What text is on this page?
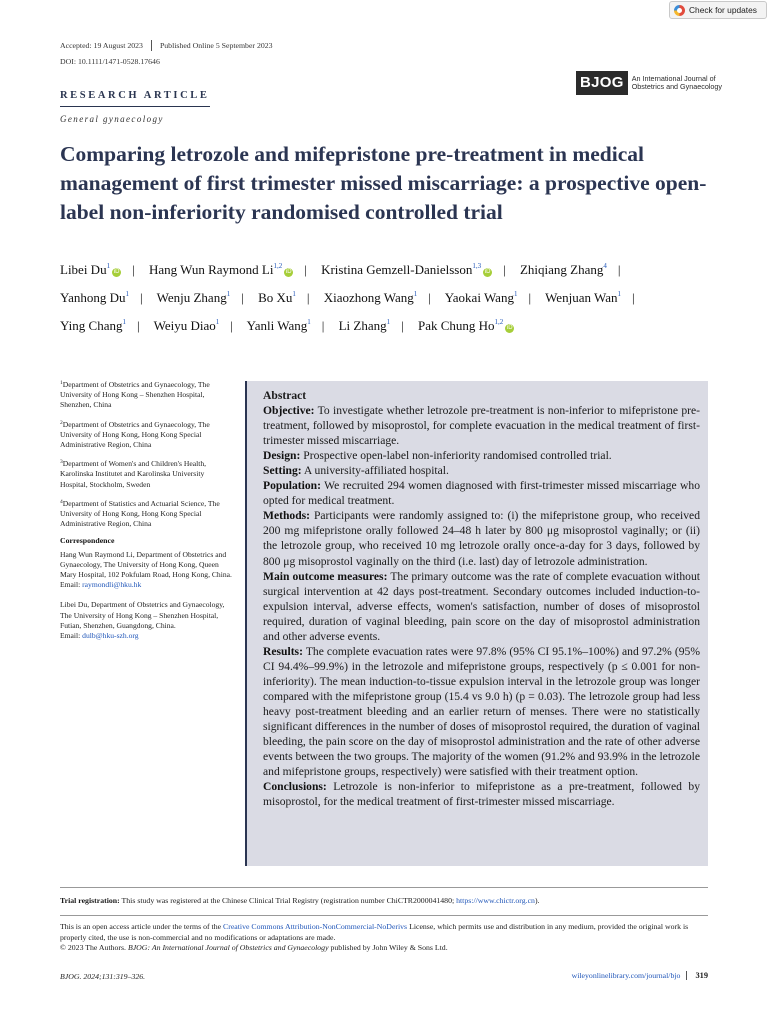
Check for updates
Accepted: 19 August 2023 Published Online 5 September 2023
DOI: 10.1111/1471-0528.17646
BJOG	An International Journal of
Obstetrics and Gynaecology
RESEARCH ARTICLE
General gynaecology
Comparing letrozole and mifepristone pre-treatment in medical management of first trimester missed miscarriage: a prospective open-label non-inferiority randomised controlled trial
Libei Du$^1$iD | Hang Wun Raymond Li$^{1,2}$iD | Kristina Gemzell-Danielsson$^{1,3}$iD | Zhiqiang Zhang$^4$ | Yanhong Du$^1$ | Wenju Zhang$^1$ | Bo Xu$^1$ | Xiaozhong Wang$^1$ | Yaokai Wang$^1$ | Wenjuan Wan$^1$ | Ying Chang$^1$ | Weiyu Diao$^1$ | Yanli Wang$^1$ | Li Zhang$^1$ | Pak Chung Ho$^{1,2}$iD
$^1$Department of Obstetrics and Gynaecology, The University of Hong Kong – Shenzhen Hospital, Shenzhen, China
$^2$Department of Obstetrics and Gynaecology, The University of Hong Kong, Hong Kong Special Administrative Region, China
$^3$Department of Women's and Children's Health, Karolinska Institutet and Karolinska University Hospital, Stockholm, Sweden
$^4$Department of Statistics and Actuarial Science, The University of Hong Kong, Hong Kong Special Administrative Region, China
Correspondence
Hang Wun Raymond Li, Department of Obstetrics and Gynaecology, The University of Hong Kong, Queen Mary Hospital, 102 Pokfulam Road, Hong Kong, China.
Email: raymondli@hku.hk
Libei Du, Department of Obstetrics and Gynaecology, The University of Hong Kong – Shenzhen Hospital, Futian, Shenzhen, Guangdong, China.
Email: dulb@hku-szh.org
Abstract

Objective: To investigate whether letrozole pre-treatment is non-inferior to mifepristone pre-treatment, followed by misoprostol, for complete evacuation in the medical treatment of first-trimester missed miscarriage.

Design: Prospective open-label non-inferiority randomised controlled trial.

Setting: A university-affiliated hospital.

Population: We recruited 294 women diagnosed with first-trimester missed miscarriage who opted for medical treatment.

Methods: Participants were randomly assigned to: (i) the mifepristone group, who received 200 mg mifepristone orally followed 24–48 h later by 800 μg misoprostol vaginally; or (ii) the letrozole group, who received 10 mg letrozole orally once-a-day for 3 days, followed by 800 μg misoprostol vaginally on the third (i.e. last) day of letrozole administration.

Main outcome measures: The primary outcome was the rate of complete evacuation without surgical intervention at 42 days post-treatment. Secondary outcomes included induction-to-expulsion interval, adverse effects, women's satisfaction, number of doses of misoprostol required, duration of vaginal bleeding, pain score on the day of misoprostol administration and other adverse events.

Results: The complete evacuation rates were 97.8% (95% CI 95.1%–100%) and 97.2% (95% CI 94.4%–99.9%) in the letrozole and mifepristone groups, respectively (p ≤ 0.001 for non-inferiority). The mean induction-to-tissue expulsion interval in the letrozole group was longer compared with the mifepristone group (15.4 vs 9.0 h) (p = 0.03). The letrozole group had less heavy post-treatment bleeding and an earlier return of menses. There were no statistically significant differences in the number of doses of misoprostol required, the duration of vaginal bleeding, the pain score on the day of misoprostol administration and the rate of other adverse events between the two groups. The majority of the women (91.2% and 93.9% in the letrozole and mifepristone groups, respectively) were satisfied with their treatment option.

Conclusions: Letrozole is non-inferior to mifepristone as a pre-treatment, followed by misoprostol, for the medical treatment of first-trimester missed miscarriage.

Trial registration: This study was registered at the Chinese Clinical Trial Registry (registration number ChiCTR2000041480; https://www.chictr.org.cn).
This is an open access article under the terms of the Creative Commons Attribution-NonCommercial-NoDerivs License, which permits use and distribution in any medium, provided the original work is properly cited, the use is non-commercial and no modifications or adaptations are made.
© 2023 The Authors. BJOG: An International Journal of Obstetrics and Gynaecology published by John Wiley & Sons Ltd.
BJOG. 2024;131:319–326.	wileyonlinelibrary.com/journal/bjo	319
